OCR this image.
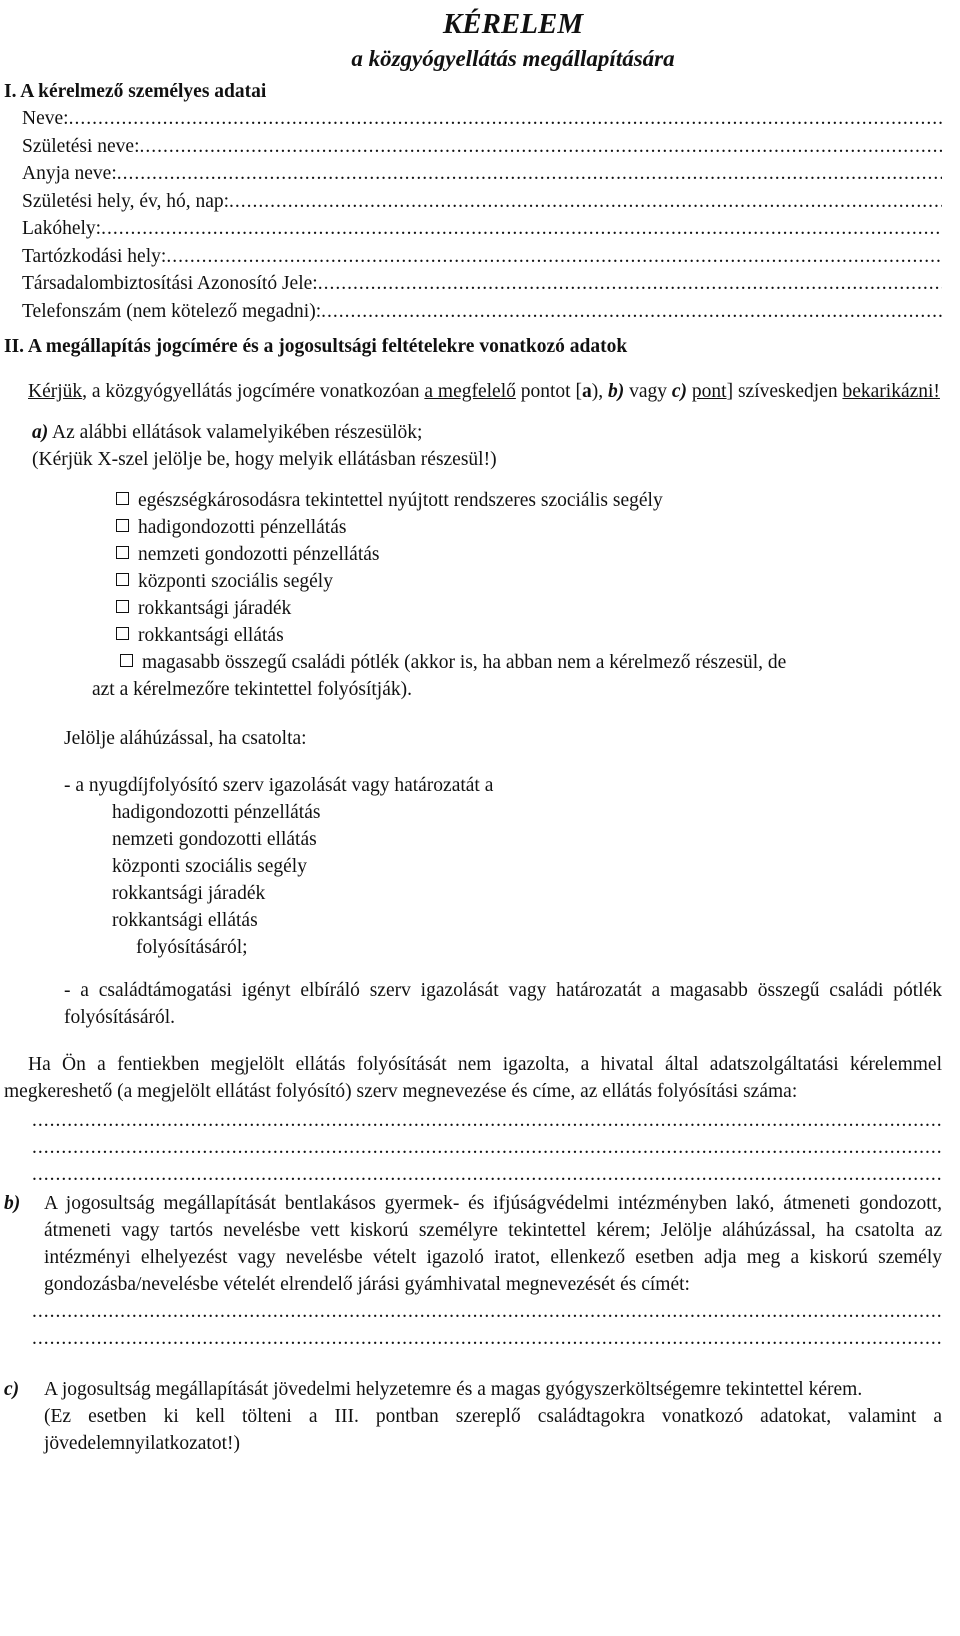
KÉRELEM
a közgyógyellátás megállapítására
I. A kérelmező személyes adatai
Neve:
.....
Születési neve:
.....
Anyja neve:
.....
Születési hely, év, hó, nap:
.....
Lakóhely:
.....
Tartózkodási hely:
.....
Társadalombiztosítási Azonosító Jele:
.....
Telefonszám (nem kötelező megadni):
.....
II. A megállapítás jogcímére és a jogosultsági feltételekre vonatkozó adatok
Kérjük, a közgyógyellátás jogcímére vonatkozóan a megfelelő pontot [a), b) vagy c) pont] szíveskedjen bekarikázni!
a) Az alábbi ellátások valamelyikében részesülök;
(Kérjük X-szel jelölje be, hogy melyik ellátásban részesül!)
egészségkárosodásra tekintettel nyújtott rendszeres szociális segély
hadigondozotti pénzellátás
nemzeti gondozotti pénzellátás
központi szociális segély
rokkantsági járadék
rokkantsági ellátás
magasabb összegű családi pótlék (akkor is, ha abban nem a kérelmező részesül, de
azt a kérelmezőre tekintettel folyósítják).
Jelölje aláhúzással, ha csatolta:
- a nyugdíjfolyósító szerv igazolását vagy határozatát a
hadigondozotti pénzellátás
nemzeti gondozotti ellátás
központi szociális segély
rokkantsági járadék
rokkantsági ellátás
folyósításáról;
- a családtámogatási igényt elbíráló szerv igazolását vagy határozatát a magasabb összegű családi pótlék folyósításáról.
Ha Ön a fentiekben megjelölt ellátás folyósítását nem igazolta, a hivatal által adatszolgáltatási kérelemmel megkereshető (a megjelölt ellátást folyósító) szerv megnevezése és címe, az ellátás folyósítási száma:
.....
.....
.....
b) A jogosultság megállapítását bentlakásos gyermek- és ifjúságvédelmi intézményben lakó, átmeneti gondozott, átmeneti vagy tartós nevelésbe vett kiskorú személyre tekintettel kérem; Jelölje aláhúzással, ha csatolta az intézményi elhelyezést vagy nevelésbe vételt igazoló iratot, ellenkező esetben adja meg a kiskorú személy gondozásba/nevelésbe vételét elrendelő járási gyámhivatal megnevezését és címét:
.....
.....
c) A jogosultság megállapítását jövedelmi helyzetemre és a magas gyógyszerköltségemre tekintettel kérem.
(Ez esetben ki kell tölteni a III. pontban szereplő családtagokra vonatkozó adatokat, valamint a jövedelemnyilatkozatot!)
